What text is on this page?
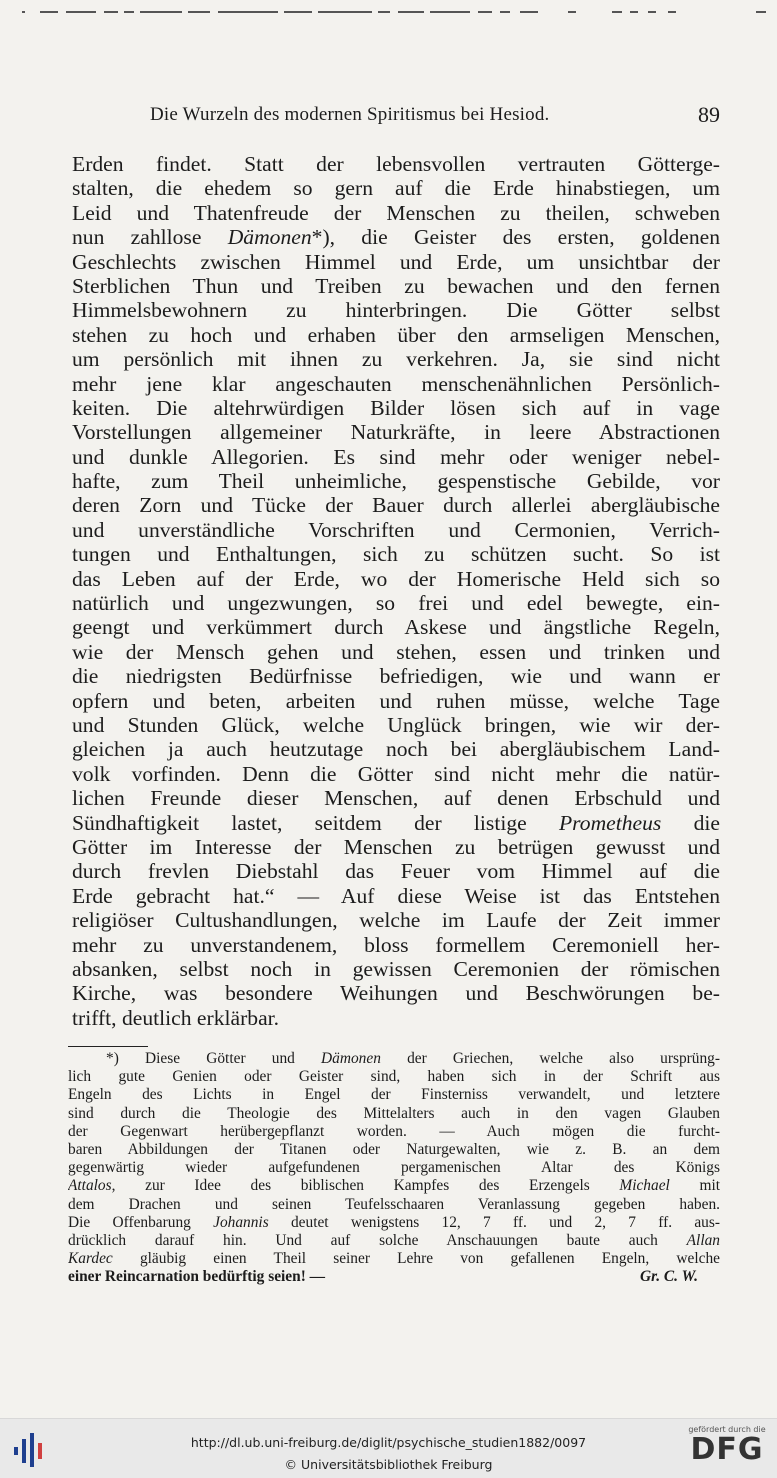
Die Wurzeln des modernen Spiritismus bei Hesiod.	89
Erden findet. Statt der lebensvollen vertrauten Götterge-
stalten, die ehedem so gern auf die Erde hinabstiegen, um
Leid und Thatenfreude der Menschen zu theilen, schweben
nun zahllose Dämonen*), die Geister des ersten, goldenen
Geschlechts zwischen Himmel und Erde, um unsichtbar der
Sterblichen Thun und Treiben zu bewachen und den fernen
Himmelsbewohnern zu hinterbringen. Die Götter selbst
stehen zu hoch und erhaben über den armseligen Menschen,
um persönlich mit ihnen zu verkehren. Ja, sie sind nicht
mehr jene klar angeschauten menschenähnlichen Persönlich-
keiten. Die altehrwürdigen Bilder lösen sich auf in vage
Vorstellungen allgemeiner Naturkräfte, in leere Abstractionen
und dunkle Allegorien. Es sind mehr oder weniger nebel-
hafte, zum Theil unheimliche, gespenstische Gebilde, vor
deren Zorn und Tücke der Bauer durch allerlei abergläubische
und unverständliche Vorschriften und Cermonien, Verrich-
tungen und Enthaltungen, sich zu schützen sucht. So ist
das Leben auf der Erde, wo der Homerische Held sich so
natürlich und ungezwungen, so frei und edel bewegte, ein-
geengt und verkümmert durch Askese und ängstliche Regeln,
wie der Mensch gehen und stehen, essen und trinken und
die niedrigsten Bedürfnisse befriedigen, wie und wann er
opfern und beten, arbeiten und ruhen müsse, welche Tage
und Stunden Glück, welche Unglück bringen, wie wir der-
gleichen ja auch heutzutage noch bei abergläubischem Land-
volk vorfinden. Denn die Götter sind nicht mehr die natür-
lichen Freunde dieser Menschen, auf denen Erbschuld und
Sündhaftigkeit lastet, seitdem der listige Prometheus die
Götter im Interesse der Menschen zu betrügen gewusst und
durch frevlen Diebstahl das Feuer vom Himmel auf die
Erde gebracht hat.“ — Auf diese Weise ist das Entstehen
religiöser Cultushandlungen, welche im Laufe der Zeit immer
mehr zu unverstandenem, bloss formellem Ceremoniell her-
absanken, selbst noch in gewissen Ceremonien der römischen
Kirche, was besondere Weihungen und Beschwörungen be-
trifft, deutlich erklärbar.
*) Diese Götter und Dämonen der Griechen, welche also ursprüng-
lich gute Genien oder Geister sind, haben sich in der Schrift aus
Engeln des Lichts in Engel der Finsterniss verwandelt, und letztere
sind durch die Theologie des Mittelalters auch in den vagen Glauben
der Gegenwart herübergepflanzt worden. — Auch mögen die furcht-
baren Abbildungen der Titanen oder Naturgewalten, wie z. B. an dem
gegenwärtig wieder aufgefundenen pergamenischen Altar des Königs
Attalos, zur Idee des biblischen Kampfes des Erzengels Michael mit
dem Drachen und seinen Teufelsschaaren Veranlassung gegeben haben.
Die Offenbarung Johannis deutet wenigstens 12, 7 ff. und 2, 7 ff. aus-
drücklich darauf hin. Und auf solche Anschauungen baute auch Allan
Kardec gläubig einen Theil seiner Lehre von gefallenen Engeln, welche
einer Reincarnation bedürftig seien! —	Gr. C. W.
http://dl.ub.uni-freiburg.de/diglit/psychische_studien1882/0097
© Universitätsbibliothek Freiburg
gefördert durch die
DFG
